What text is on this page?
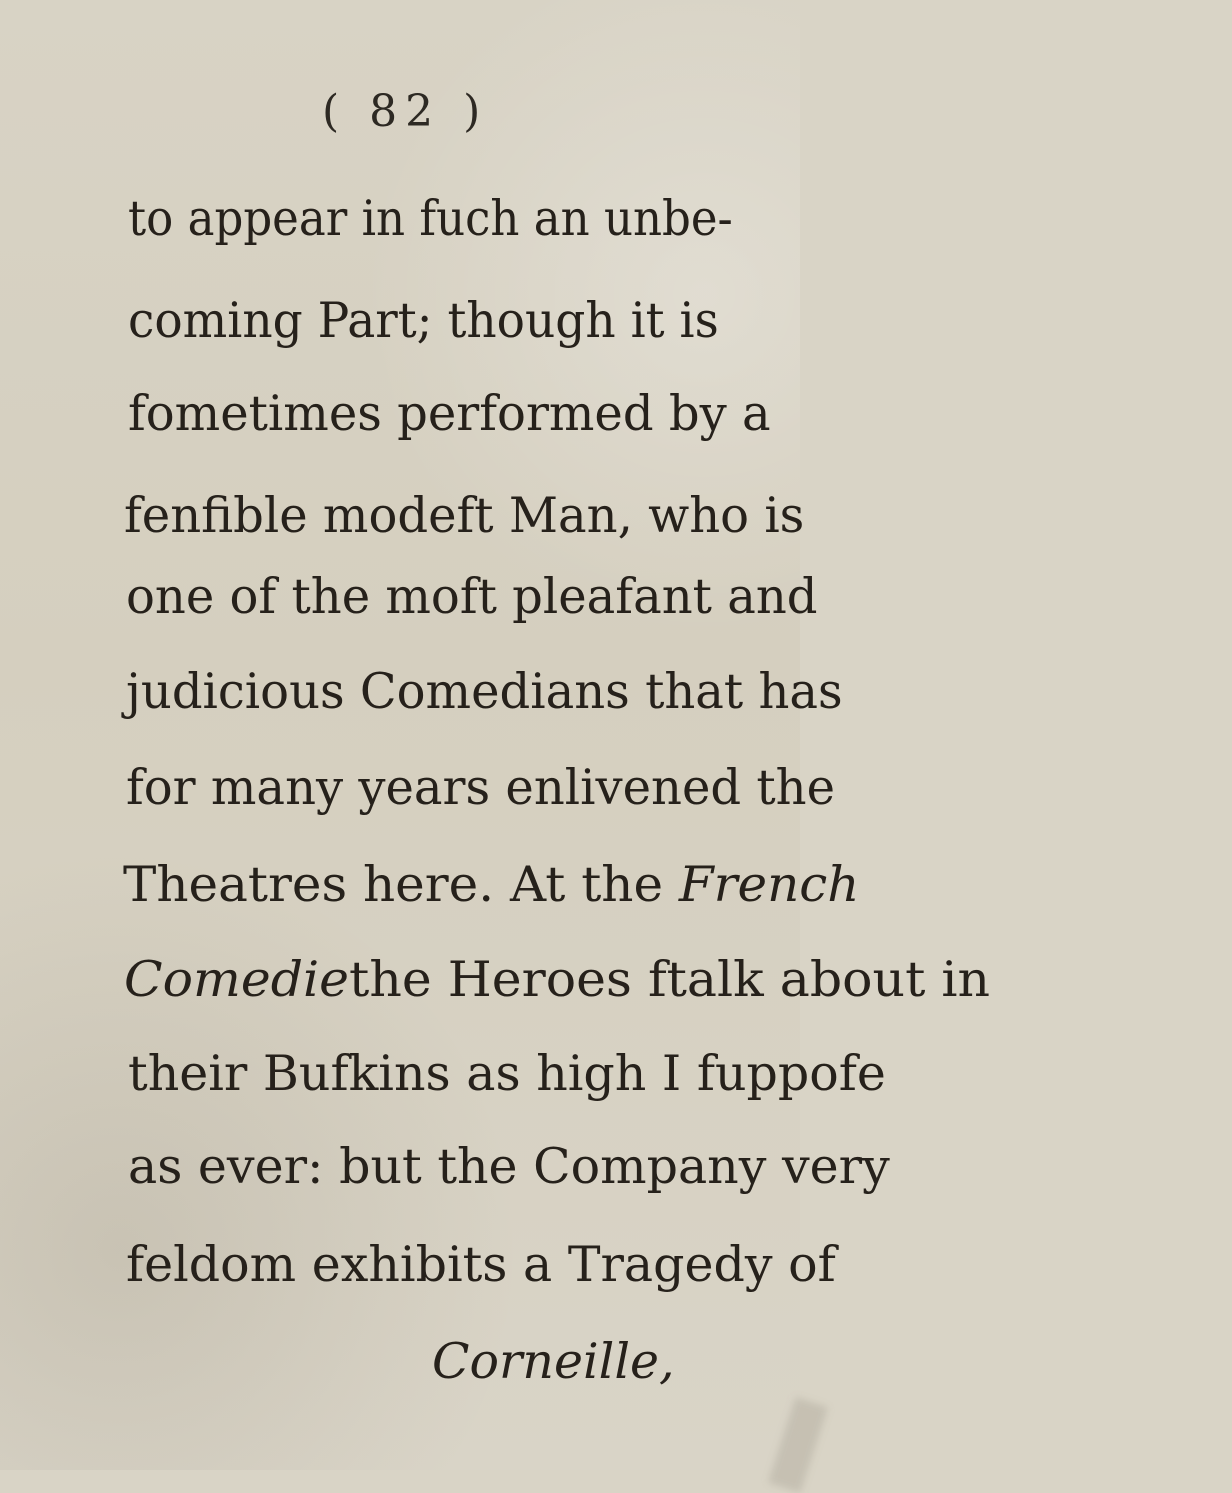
( 82 )
to appear in fuch an unbe-
coming Part; though it is
fometimes performed by a
fenfible modeft Man, who is
one of the moft pleafant and
judicious Comedians that has
for many years enlivened the
Theatres here. At the French
Comediethe Heroes ftalk about in
their Bufkins as high I fuppofe
as ever: but the Company very
feldom exhibits a Tragedy of
Corneille,
